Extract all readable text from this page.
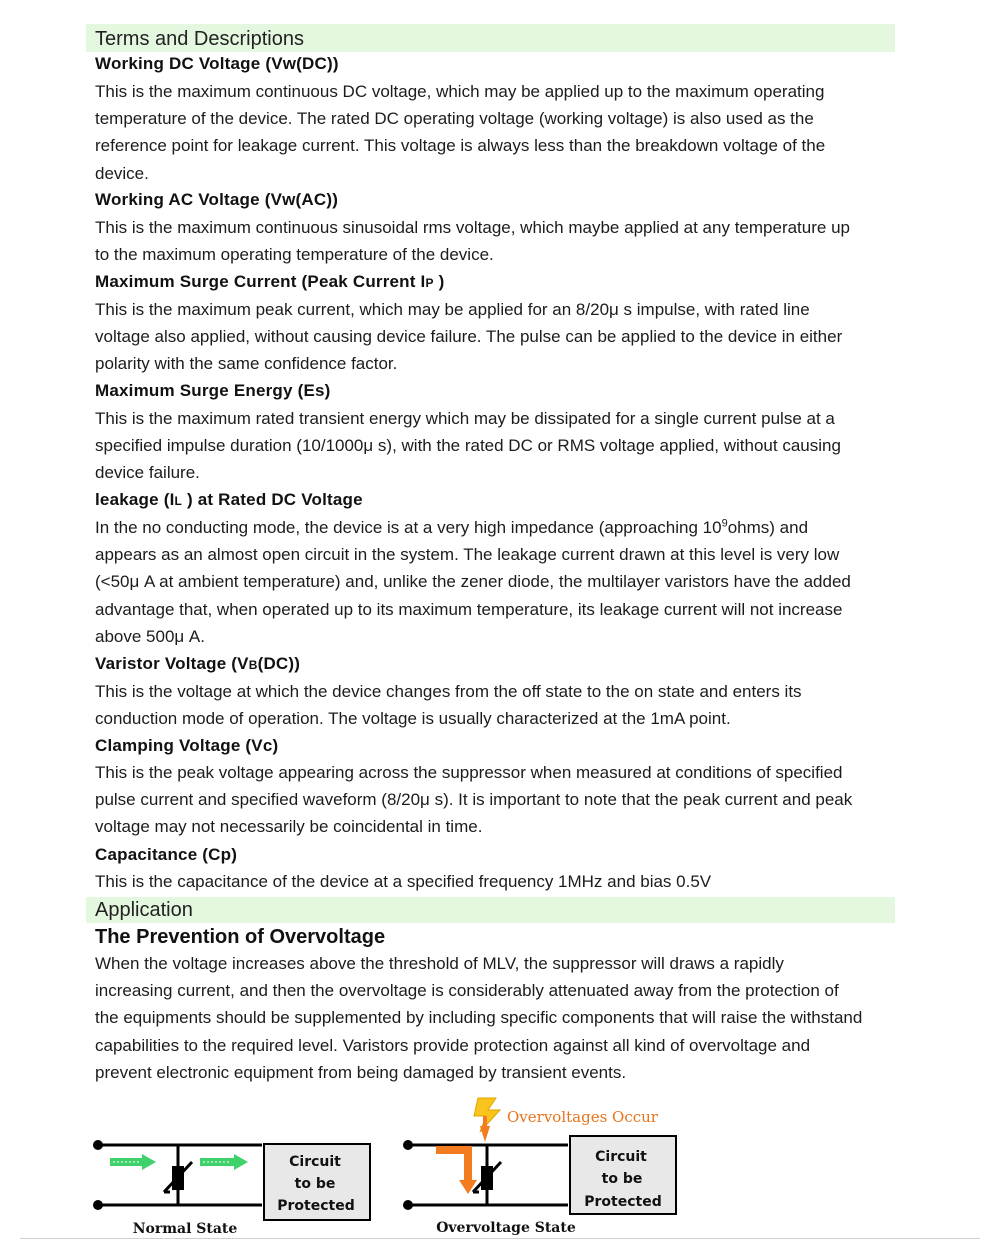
Terms and Descriptions
Working DC Voltage (Vw(DC))
This is the maximum continuous DC voltage, which may be applied up to the maximum operating
temperature of the device. The rated DC operating voltage (working voltage) is also used as the
reference point for leakage current. This voltage is always less than the breakdown voltage of the
device.
Working AC Voltage (Vw(AC))
This is the maximum continuous sinusoidal rms voltage, which maybe applied at any temperature up
to the maximum operating temperature of the device.
Maximum Surge Current (Peak Current IP )
This is the maximum peak current, which may be applied for an 8/20μ s impulse, with rated line
voltage also applied, without causing device failure. The pulse can be applied to the device in either
polarity with the same confidence factor.
Maximum Surge Energy (Es)
This is the maximum rated transient energy which may be dissipated for a single current pulse at a
specified impulse duration (10/1000μ s), with the rated DC or RMS voltage applied, without causing
device failure.
leakage (IL ) at Rated DC Voltage
In the no conducting mode, the device is at a very high impedance (approaching $10^9ohms$) and
appears as an almost open circuit in the system. The leakage current drawn at this level is very low
(<50μ A at ambient temperature) and, unlike the zener diode, the multilayer varistors have the added
advantage that, when operated up to its maximum temperature, its leakage current will not increase
above 500μ A.
Varistor Voltage (VB(DC))
This is the voltage at which the device changes from the off state to the on state and enters its
conduction mode of operation. The voltage is usually characterized at the 1mA point.
Clamping Voltage (Vc)
This is the peak voltage appearing across the suppressor when measured at conditions of specified
pulse current and specified waveform (8/20μ s). It is important to note that the peak current and peak
voltage may not necessarily be coincidental in time.
Capacitance (Cp)
This is the capacitance of the device at a specified frequency 1MHz and bias 0.5V
Application
The Prevention of Overvoltage
When the voltage increases above the threshold of MLV, the suppressor will draws a rapidly
increasing current, and then the overvoltage is considerably attenuated away from the protection of
the equipments should be supplemented by including specific components that will raise the withstand
capabilities to the required level. Varistors provide protection against all kind of overvoltage and
prevent electronic equipment from being damaged by transient events.
Circuit
to be
Protected
Normal State
Overvoltages Occur
Circuit
to be
Protected
Overvoltage State
